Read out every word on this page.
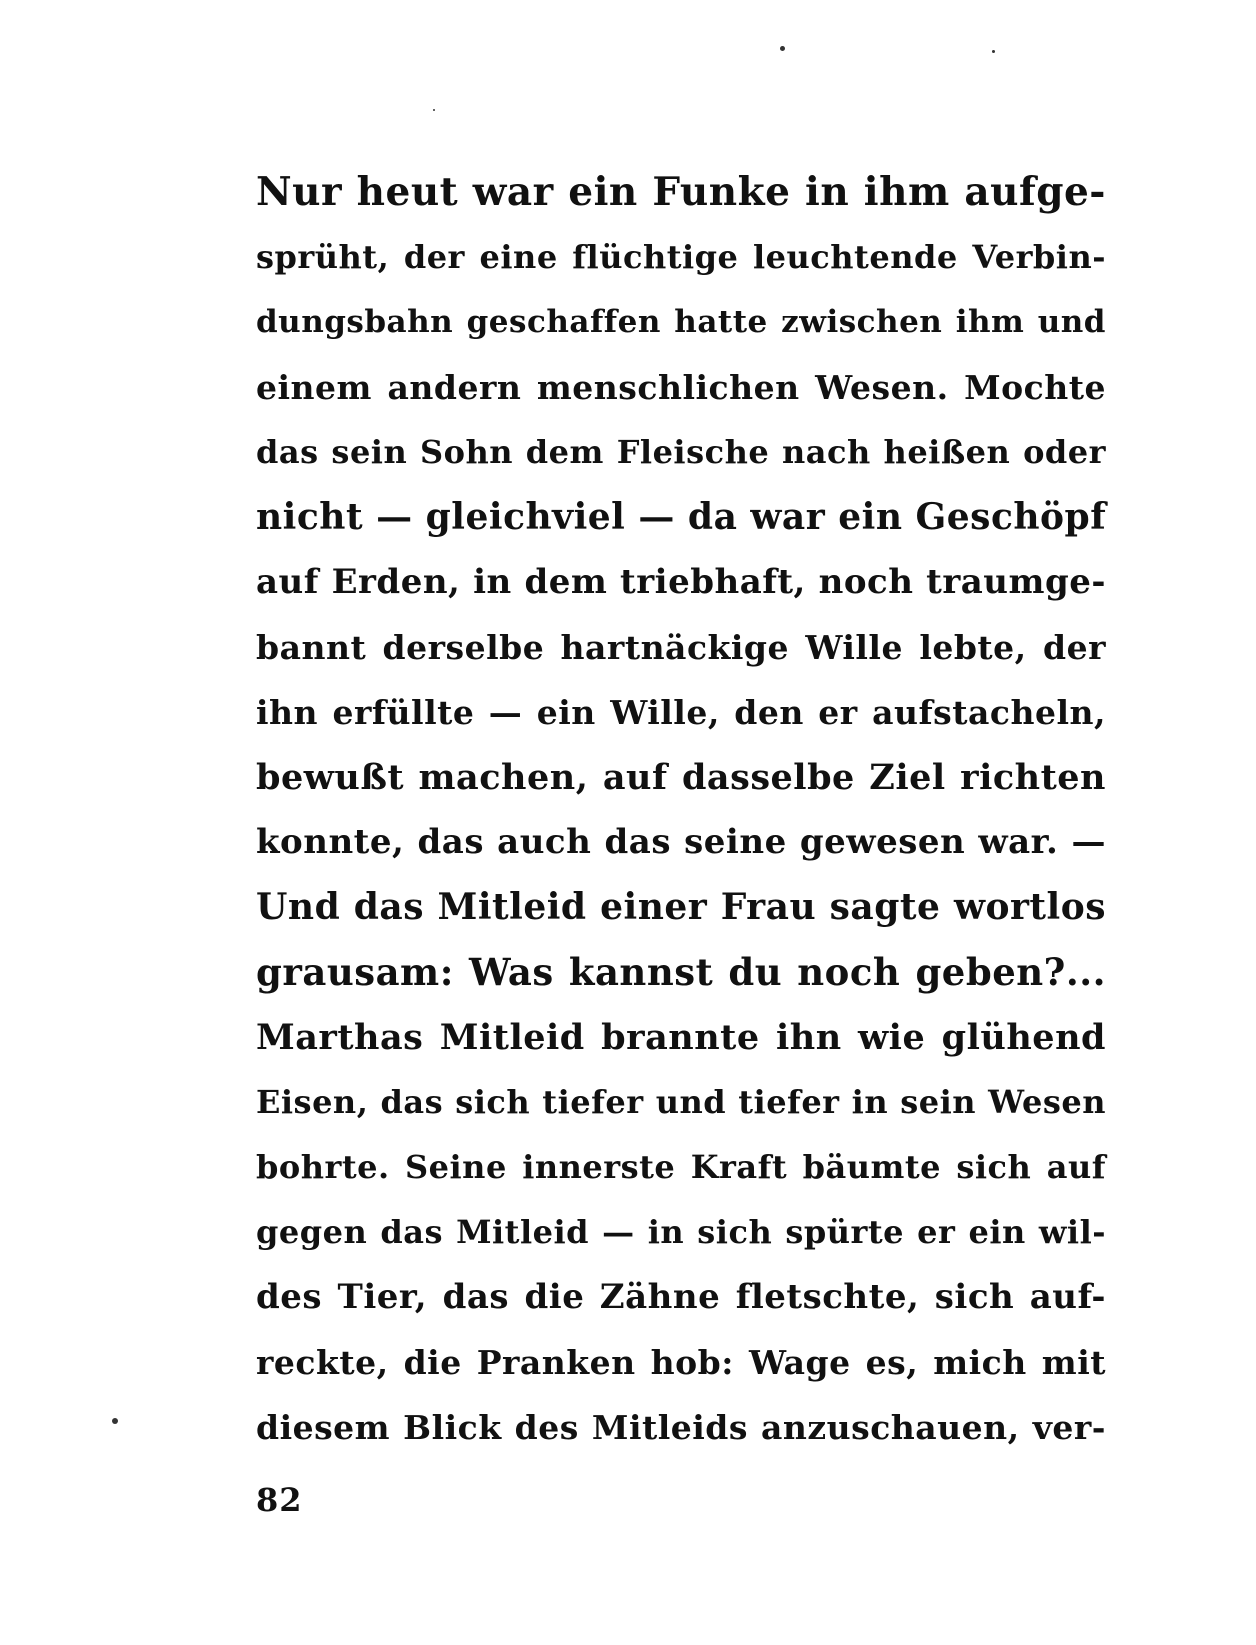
Nur heut war ein Funke in ihm aufge-
sprüht, der eine flüchtige leuchtende Verbin-
dungsbahn geschaffen hatte zwischen ihm und
einem andern menschlichen Wesen. Mochte
das sein Sohn dem Fleische nach heißen oder
nicht — gleichviel — da war ein Geschöpf
auf Erden, in dem triebhaft, noch traumge-
bannt derselbe hartnäckige Wille lebte, der
ihn erfüllte — ein Wille, den er aufstacheln,
bewußt machen, auf dasselbe Ziel richten
konnte, das auch das seine gewesen war. —
Und das Mitleid einer Frau sagte wortlos
grausam: Was kannst du noch geben?...
Marthas Mitleid brannte ihn wie glühend
Eisen, das sich tiefer und tiefer in sein Wesen
bohrte. Seine innerste Kraft bäumte sich auf
gegen das Mitleid — in sich spürte er ein wil-
des Tier, das die Zähne fletschte, sich auf-
reckte, die Pranken hob: Wage es, mich mit
diesem Blick des Mitleids anzuschauen, ver-
82
